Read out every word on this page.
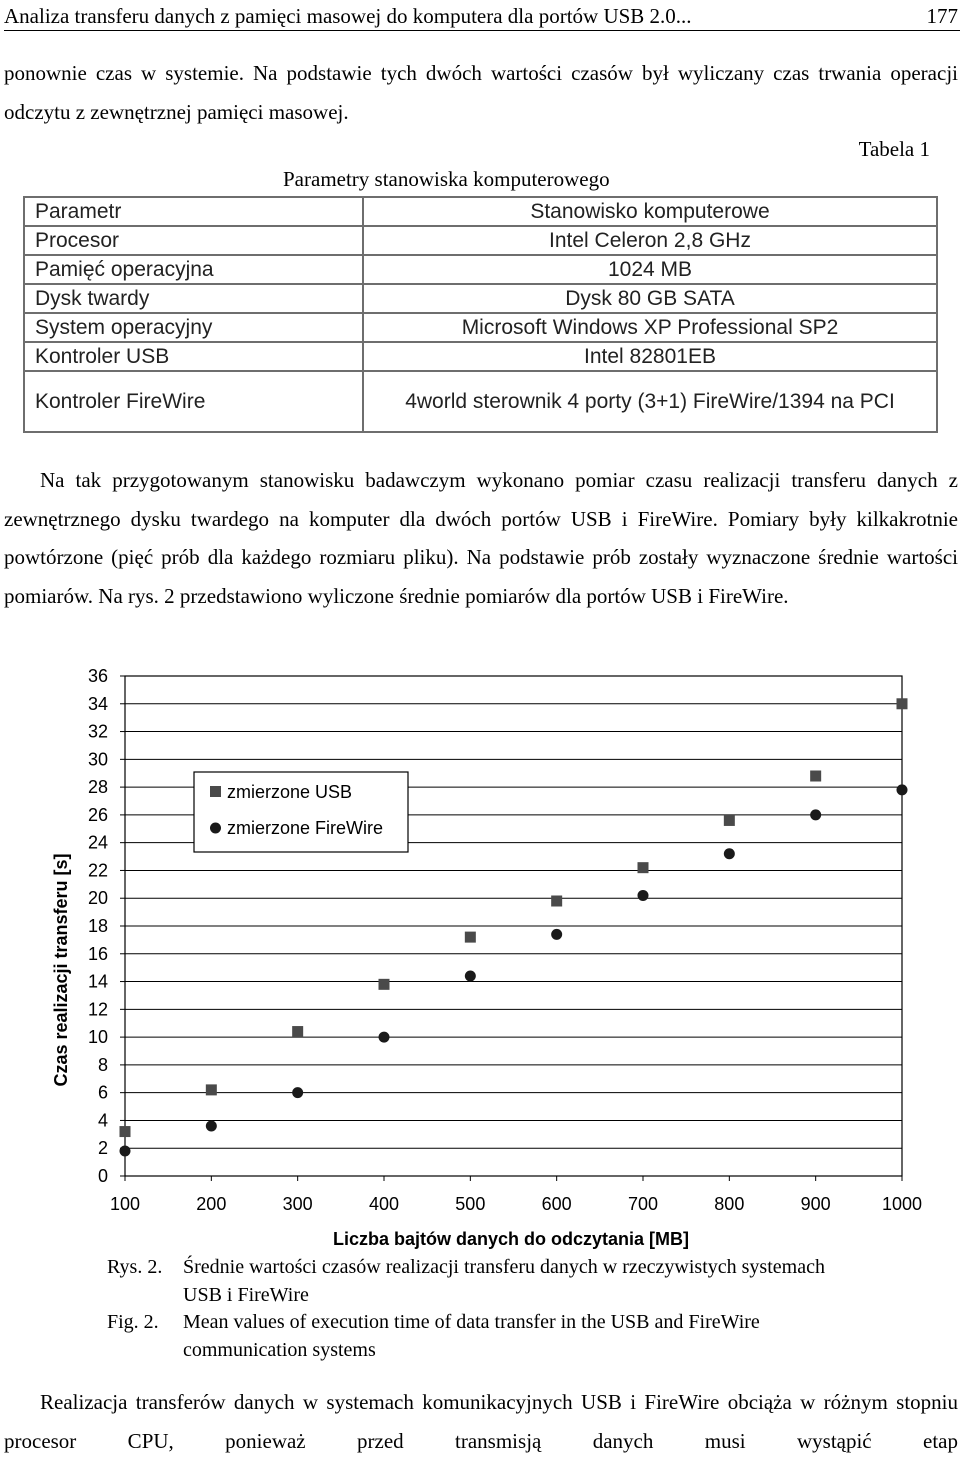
Analiza transferu danych z pamięci masowej do komputera dla portów USB 2.0...	177
ponownie czas w systemie. Na podstawie tych dwóch wartości czasów był wyliczany czas trwania operacji odczytu z zewnętrznej pamięci masowej.
Tabela 1
Parametry stanowiska komputerowego
Parametr	Stanowisko komputerowe
Procesor	Intel Celeron 2,8 GHz
Pamięć operacyjna	1024 MB
Dysk twardy	Dysk 80 GB SATA
System operacyjny	Microsoft Windows XP Professional SP2
Kontroler USB	Intel 82801EB
Kontroler FireWire	4world sterownik 4 porty (3+1) FireWire/1394 na PCI
Na tak przygotowanym stanowisku badawczym wykonano pomiar czasu realizacji transferu danych z zewnętrznego dysku twardego na komputer dla dwóch portów USB i FireWire. Pomiary były kilkakrotnie powtórzone (pięć prób dla każdego rozmiaru pliku). Na podstawie prób zostały wyznaczone średnie wartości pomiarów. Na rys. 2 przedstawiono wyliczone średnie pomiarów dla portów USB i FireWire.
0
2
4
6
8
10
12
14
16
18
20
22
24
26
28
30
32
34
36
100	200	300	400	500	600	700	800	900	1000
zmierzone USB
zmierzone FireWire
Czas realizacji transferu [s]
Liczba bajtów danych do odczytania [MB]
Rys. 2. Średnie wartości czasów realizacji transferu danych w rzeczywistych systemach USB i FireWire
Fig. 2. Mean values of execution time of data transfer in the USB and FireWire communication systems
Realizacja transferów danych w systemach komunikacyjnych USB i FireWire obciąża w różnym stopniu procesor CPU, ponieważ przed transmisją danych musi wystąpić etap
